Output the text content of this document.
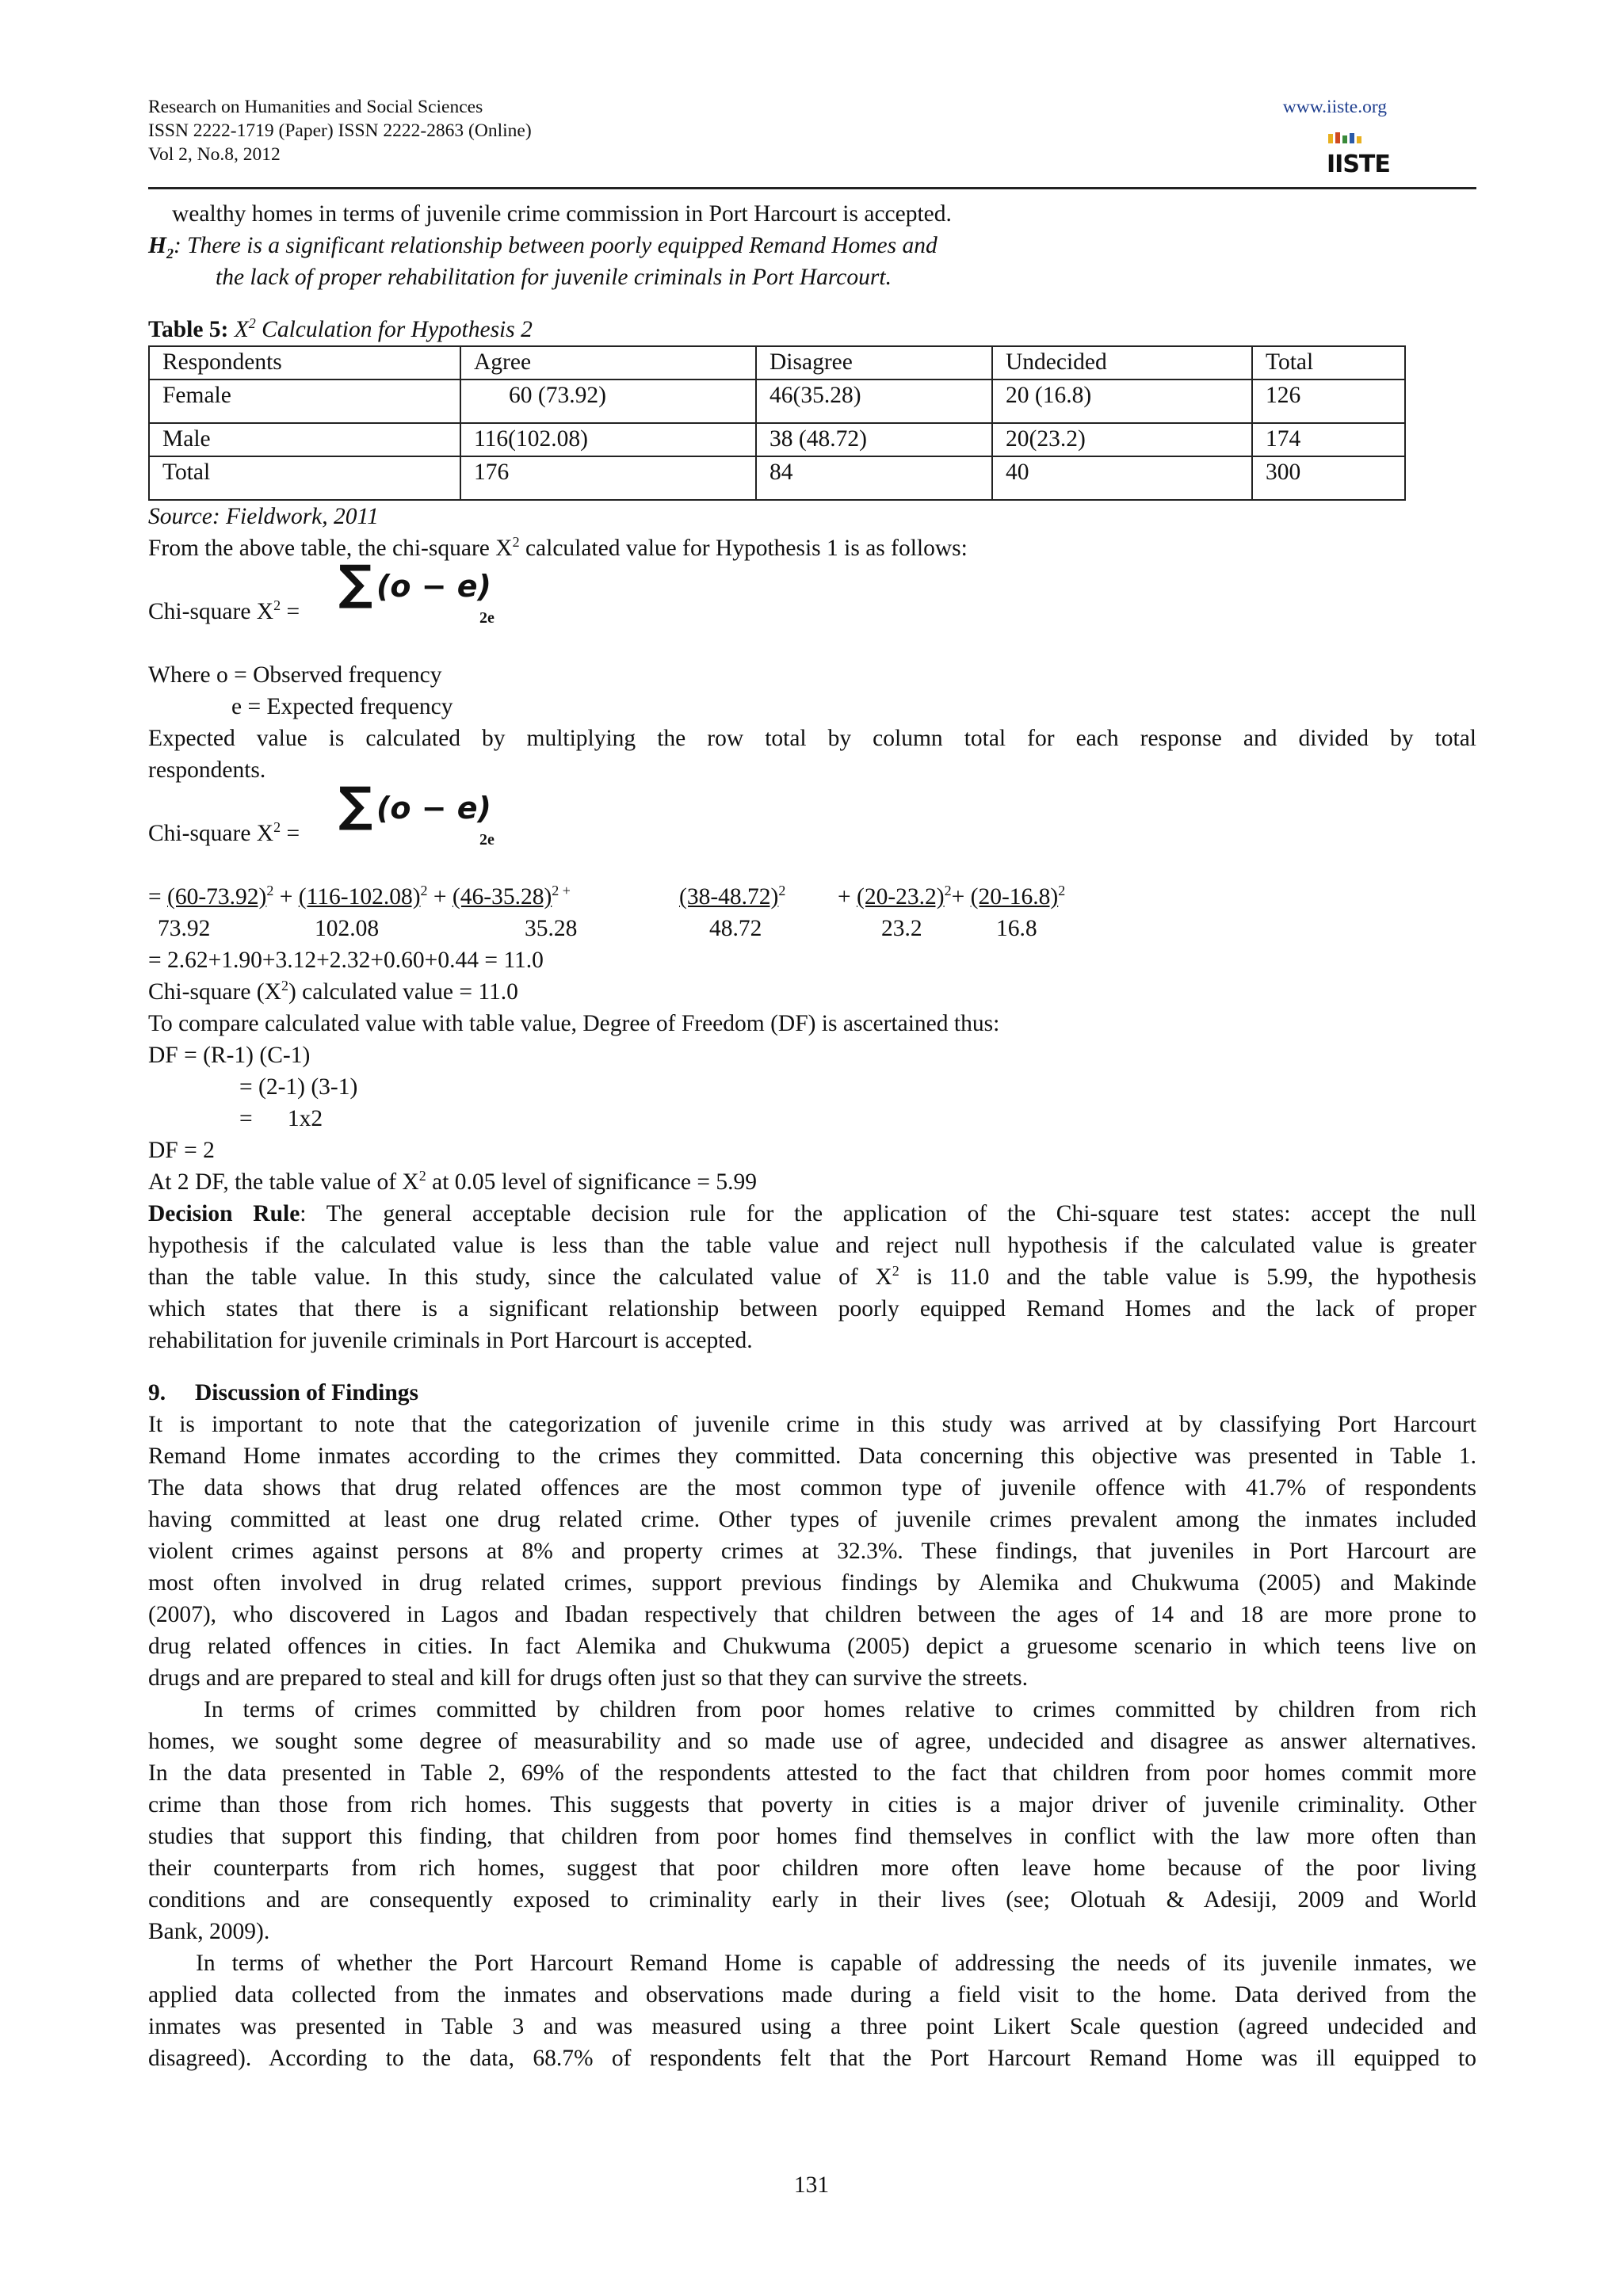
Research on Humanities and Social Sciences
ISSN 2222-1719 (Paper) ISSN 2222-2863 (Online)
Vol 2, No.8, 2012
www.iiste.org
IISTE
wealthy homes in terms of juvenile crime commission in Port Harcourt is accepted.
$H_2$: There is a significant relationship between poorly equipped Remand Homes and
the lack of proper rehabilitation for juvenile criminals in Port Harcourt.
Table 5: $X^2$ Calculation for Hypothesis 2
Respondents	Agree	Disagree	Undecided	Total
Female	60 (73.92)	46(35.28)	20 (16.8)	126
Male	116(102.08)	38 (48.72)	20(23.2)	174
Total	176	84	40	300
Source: Fieldwork, 2011
From the above table, the chi-square $X^2$ calculated value for Hypothesis 1 is as follows:
∑ (o − e)
2e
Chi-square $X^2$ =
Where o = Observed frequency
e = Expected frequency
Expected value is calculated by multiplying the row total by column total for each response and divided by total
respondents.
∑ (o − e)
2e
Chi-square $X^2$ =
= $(60-73.92)^2 + (116-102.08)^2 + (46-35.28)^{2 +}$	$(38-48.72)^2 + (20-23.2)^2+ (20-16.8)^2$
73.92	102.08	35.28	48.72	23.2	16.8
= 2.62+1.90+3.12+2.32+0.60+0.44 = 11.0
Chi-square $(X^2)$ calculated value = 11.0
To compare calculated value with table value, Degree of Freedom (DF) is ascertained thus:
DF = (R-1) (C-1)
= (2-1) (3-1)
=      1x2
DF = 2
At 2 DF, the table value of $X^2$ at 0.05 level of significance = 5.99
Decision Rule: The general acceptable decision rule for the application of the Chi-square test states: accept the null
hypothesis if the calculated value is less than the table value and reject null hypothesis if the calculated value is greater
than the table value. In this study, since the calculated value of $X^2$ is 11.0 and the table value is 5.99, the hypothesis
which states that there is a significant relationship between poorly equipped Remand Homes and the lack of proper
rehabilitation for juvenile criminals in Port Harcourt is accepted.
9.     Discussion of Findings
It is important to note that the categorization of juvenile crime in this study was arrived at by classifying Port Harcourt
Remand Home inmates according to the crimes they committed. Data concerning this objective was presented in Table 1.
The data shows that drug related offences are the most common type of juvenile offence with 41.7% of respondents
having committed at least one drug related crime. Other types of juvenile crimes prevalent among the inmates included
violent crimes against persons at 8% and property crimes at 32.3%. These findings, that juveniles in Port Harcourt are
most often involved in drug related crimes, support previous findings by Alemika and Chukwuma (2005) and Makinde
(2007), who discovered in Lagos and Ibadan respectively that children between the ages of 14 and 18 are more prone to
drug related offences in cities. In fact Alemika and Chukwuma (2005) depict a gruesome scenario in which teens live on
drugs and are prepared to steal and kill for drugs often just so that they can survive the streets.
In terms of crimes committed by children from poor homes relative to crimes committed by children from rich
homes, we sought some degree of measurability and so made use of agree, undecided and disagree as answer alternatives.
In the data presented in Table 2, 69% of the respondents attested to the fact that children from poor homes commit more
crime than those from rich homes. This suggests that poverty in cities is a major driver of juvenile criminality. Other
studies that support this finding, that children from poor homes find themselves in conflict with the law more often than
their counterparts from rich homes, suggest that poor children more often leave home because of the poor living
conditions and are consequently exposed to criminality early in their lives (see; Olotuah & Adesiji, 2009 and World
Bank, 2009).
In terms of whether the Port Harcourt Remand Home is capable of addressing the needs of its juvenile inmates, we
applied data collected from the inmates and observations made during a field visit to the home. Data derived from the
inmates was presented in Table 3 and was measured using a three point Likert Scale question (agreed undecided and
disagreed). According to the data, 68.7% of respondents felt that the Port Harcourt Remand Home was ill equipped to
131
